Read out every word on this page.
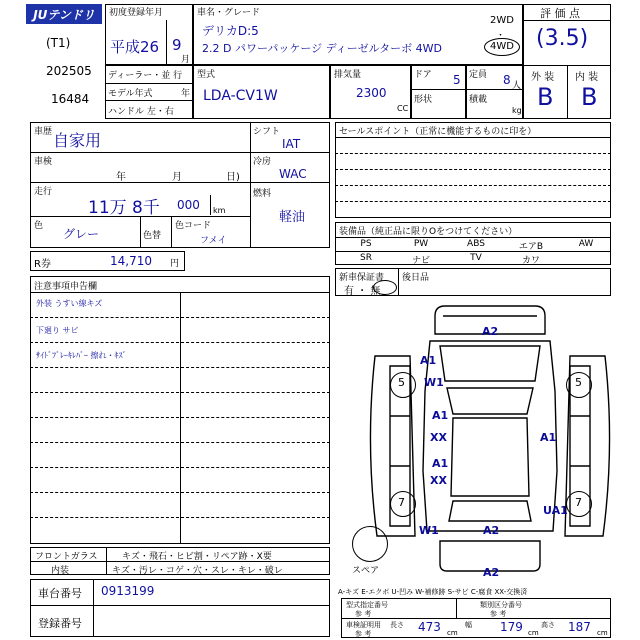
JUテンドリ	初度登録年月
(T1)	平成26 9
月
202505
16484
車名・グレード
デリカD:5
2.2 D パワーパッケージ ディーゼルターボ 4WD
2WD
・
4WD
評 価 点
(3.5)
外 装 内 装
B B
ディーラー・並 行
モデル年式	年
ハンドル 左・右
型式
LDA-CV1W
排気量
2300
CC
ドア 5
形状
定員 8 人
積載
kg
車歴 自家用
車検
年	月	日)
走行
11万 8千 000 km
色
グレー	色替
色コード
フメイ
シフト
IAT
冷房
WAC
燃料
軽油
R券	14,710 円
注意事項申告欄
外装 うすい線キズ
下廻り サビ
ｻｲﾄﾞﾌﾞﾚｰｷﾚﾊﾞｰ 擦れ・ｷｽﾞ
フロントガラス	キズ・飛石・ヒビ割・リペア跡・X要
内装	キズ・汚レ・コゲ・穴・スレ・キレ・破レ
車台番号 0913199
登録番号
セールスポイント（正常に機能するものに印を）
装備品（純正品に限りOをつけてください）
PS	PW	ABS	エアB	AW
SR	ナビ	TV	カワ
新車保証書
有 ・ 無
後日品
スペア
A2
A1
W1
5	5
A1
XX	A1
A1
XX
7	7
W1
UA1
A2
A2
A-キズ E-エクボ U-凹み W-補修跡 S-サビ C-腐食 XX-交換済
型式指定番号
参 考
類別区分番号
参 考
車検証明用
参 考
長さ 473 cm
幅 179 cm
高さ 187 cm
